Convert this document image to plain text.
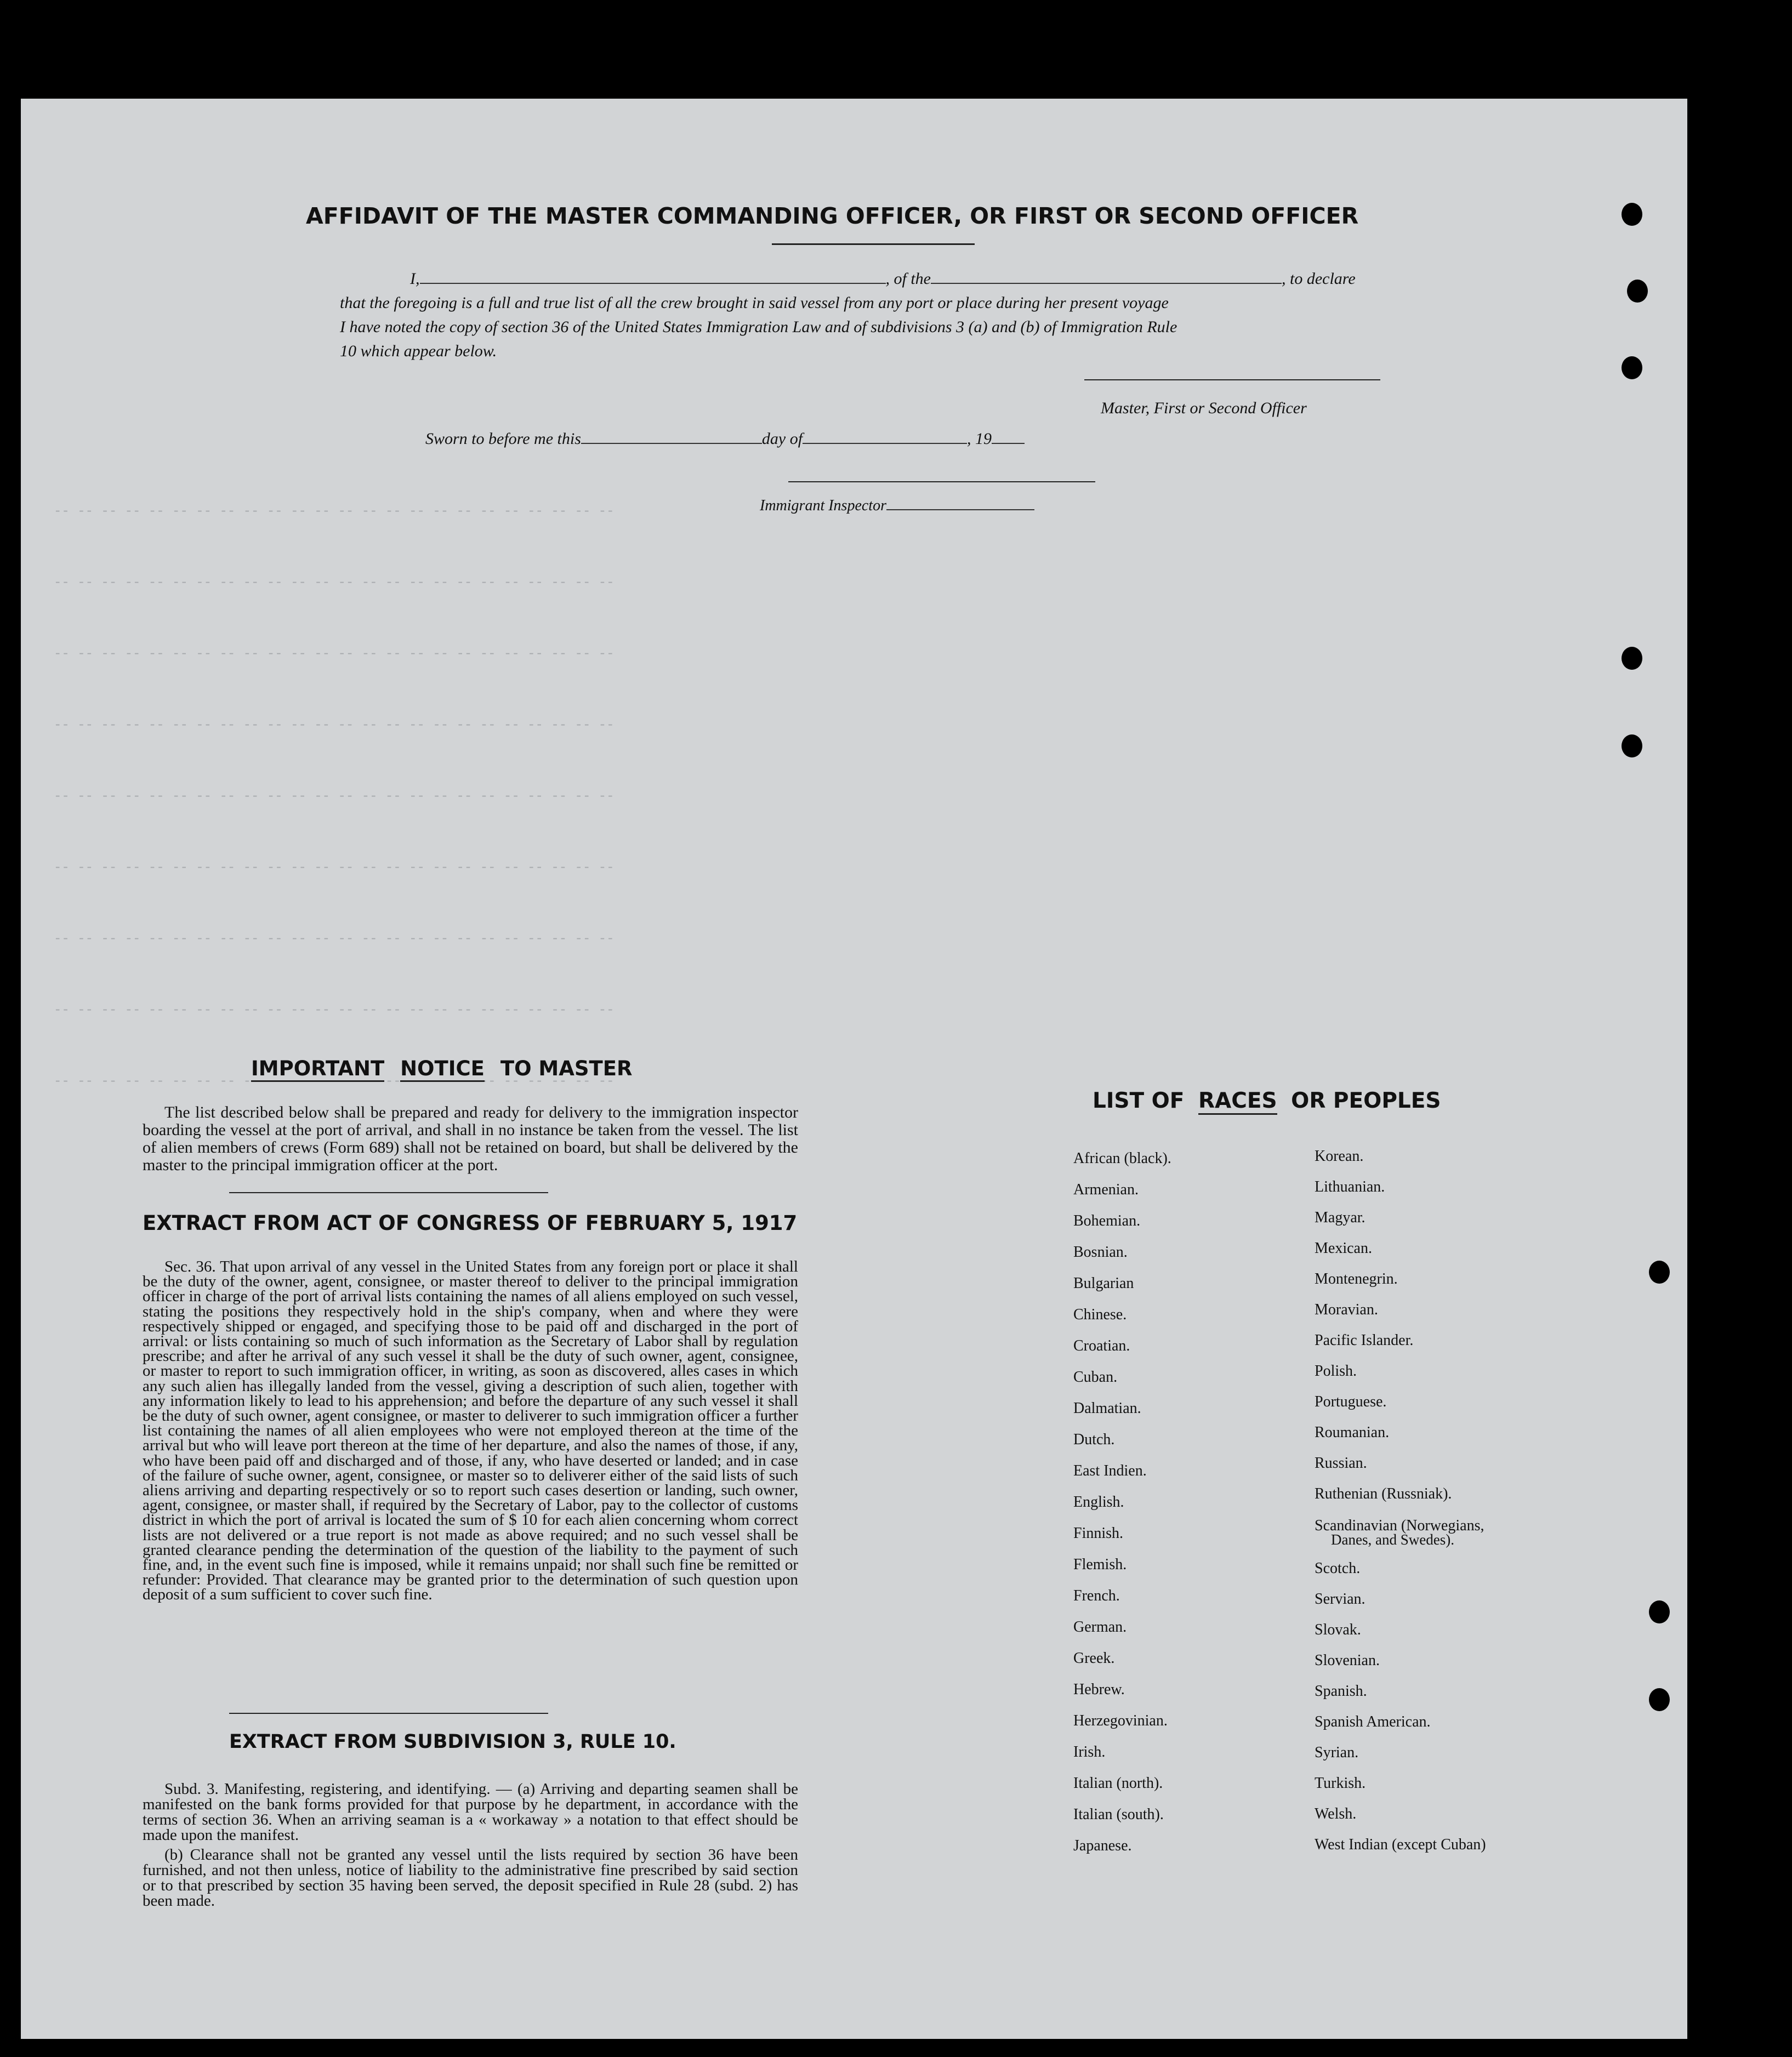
-- -- -- -- -- -- -- -- -- -- -- -- -- -- -- -- -- -- -- -- -- -- -- --
-- -- -- -- -- -- -- -- -- -- -- -- -- -- -- -- -- -- -- -- -- -- -- --
-- -- -- -- -- -- -- -- -- -- -- -- -- -- -- -- -- -- -- -- -- -- -- --
-- -- -- -- -- -- -- -- -- -- -- -- -- -- -- -- -- -- -- -- -- -- -- --
-- -- -- -- -- -- -- -- -- -- -- -- -- -- -- -- -- -- -- -- -- -- -- --
-- -- -- -- -- -- -- -- -- -- -- -- -- -- -- -- -- -- -- -- -- -- -- --
-- -- -- -- -- -- -- -- -- -- -- -- -- -- -- -- -- -- -- -- -- -- -- --
-- -- -- -- -- -- -- -- -- -- -- -- -- -- -- -- -- -- -- -- -- -- -- --
-- -- -- -- -- -- -- -- -- -- -- -- -- -- -- -- -- -- -- -- -- -- -- --
AFFIDAVIT OF THE MASTER COMMANDING OFFICER, OR FIRST OR SECOND OFFICER
I,	, of the	, to declare
that the foregoing is a full and true list of all the crew brought in said vessel from any port or place during her present voyage
I have noted the copy of section 36 of the United States Immigration Law and of subdivisions 3 (a) and (b) of Immigration Rule
10 which appear below.
Master, First or Second Officer
Sworn to before me this	day of	, 19
Immigrant Inspector
IMPORTANT NOTICE TO MASTER
The list described below shall be prepared and ready for delivery to the immigration inspector boarding the vessel at the port of arrival, and shall in no instance be taken from the vessel. The list of alien members of crews (Form 689) shall not be retained on board, but shall be delivered by the master to the principal immigration officer at the port.
EXTRACT FROM ACT OF CONGRESS OF FEBRUARY 5, 1917
Sec. 36. That upon arrival of any vessel in the United States from any foreign port or place it shall be the duty of the owner, agent, consignee, or master thereof to deliver to the principal immigration officer in charge of the port of arrival lists containing the names of all aliens employed on such vessel, stating the positions they respectively hold in the ship's company, when and where they were respectively shipped or engaged, and specifying those to be paid off and discharged in the port of arrival: or lists containing so much of such information as the Secretary of Labor shall by regulation prescribe; and after he arrival of any such vessel it shall be the duty of such owner, agent, consignee, or master to report to such immigration officer, in writing, as soon as discovered, alles cases in which any such alien has illegally landed from the vessel, giving a description of such alien, together with any information likely to lead to his apprehension; and before the departure of any such vessel it shall be the duty of such owner, agent consignee, or master to deliverer to such immigration officer a further list containing the names of all alien employees who were not employed thereon at the time of the arrival but who will leave port thereon at the time of her departure, and also the names of those, if any, who have been paid off and discharged and of those, if any, who have deserted or landed; and in case of the failure of suche owner, agent, consignee, or master so to deliverer either of the said lists of such aliens arriving and departing respectively or so to report such cases desertion or landing, such owner, agent, consignee, or master shall, if required by the Secretary of Labor, pay to the collector of customs district in which the port of arrival is located the sum of $ 10 for each alien concerning whom correct lists are not delivered or a true report is not made as above required; and no such vessel shall be granted clearance pending the determination of the question of the liability to the payment of such fine, and, in the event such fine is imposed, while it remains unpaid; nor shall such fine be remitted or refunder: Provided. That clearance may be granted prior to the determination of such question upon deposit of a sum sufficient to cover such fine.
EXTRACT FROM SUBDIVISION 3, RULE 10.
Subd. 3. Manifesting, registering, and identifying. — (a) Arriving and departing seamen shall be manifested on the bank forms provided for that purpose by he department, in accordance with the terms of section 36. When an arriving seaman is a « workaway » a notation to that effect should be made upon the manifest.
(b) Clearance shall not be granted any vessel until the lists required by section 36 have been furnished, and not then unless, notice of liability to the administrative fine prescribed by said section or to that prescribed by section 35 having been served, the deposit specified in Rule 28 (subd. 2) has been made.
LIST OF RACES OR PEOPLES
African (black).
Armenian.
Bohemian.
Bosnian.
Bulgarian
Chinese.
Croatian.
Cuban.
Dalmatian.
Dutch.
East Indien.
English.
Finnish.
Flemish.
French.
German.
Greek.
Hebrew.
Herzegovinian.
Irish.
Italian (north).
Italian (south).
Japanese.
Korean.
Lithuanian.
Magyar.
Mexican.
Montenegrin.
Moravian.
Pacific Islander.
Polish.
Portuguese.
Roumanian.
Russian.
Ruthenian (Russniak).
Scandinavian (Norwegians,
Danes, and Swedes).
Scotch.
Servian.
Slovak.
Slovenian.
Spanish.
Spanish American.
Syrian.
Turkish.
Welsh.
West Indian (except Cuban)
